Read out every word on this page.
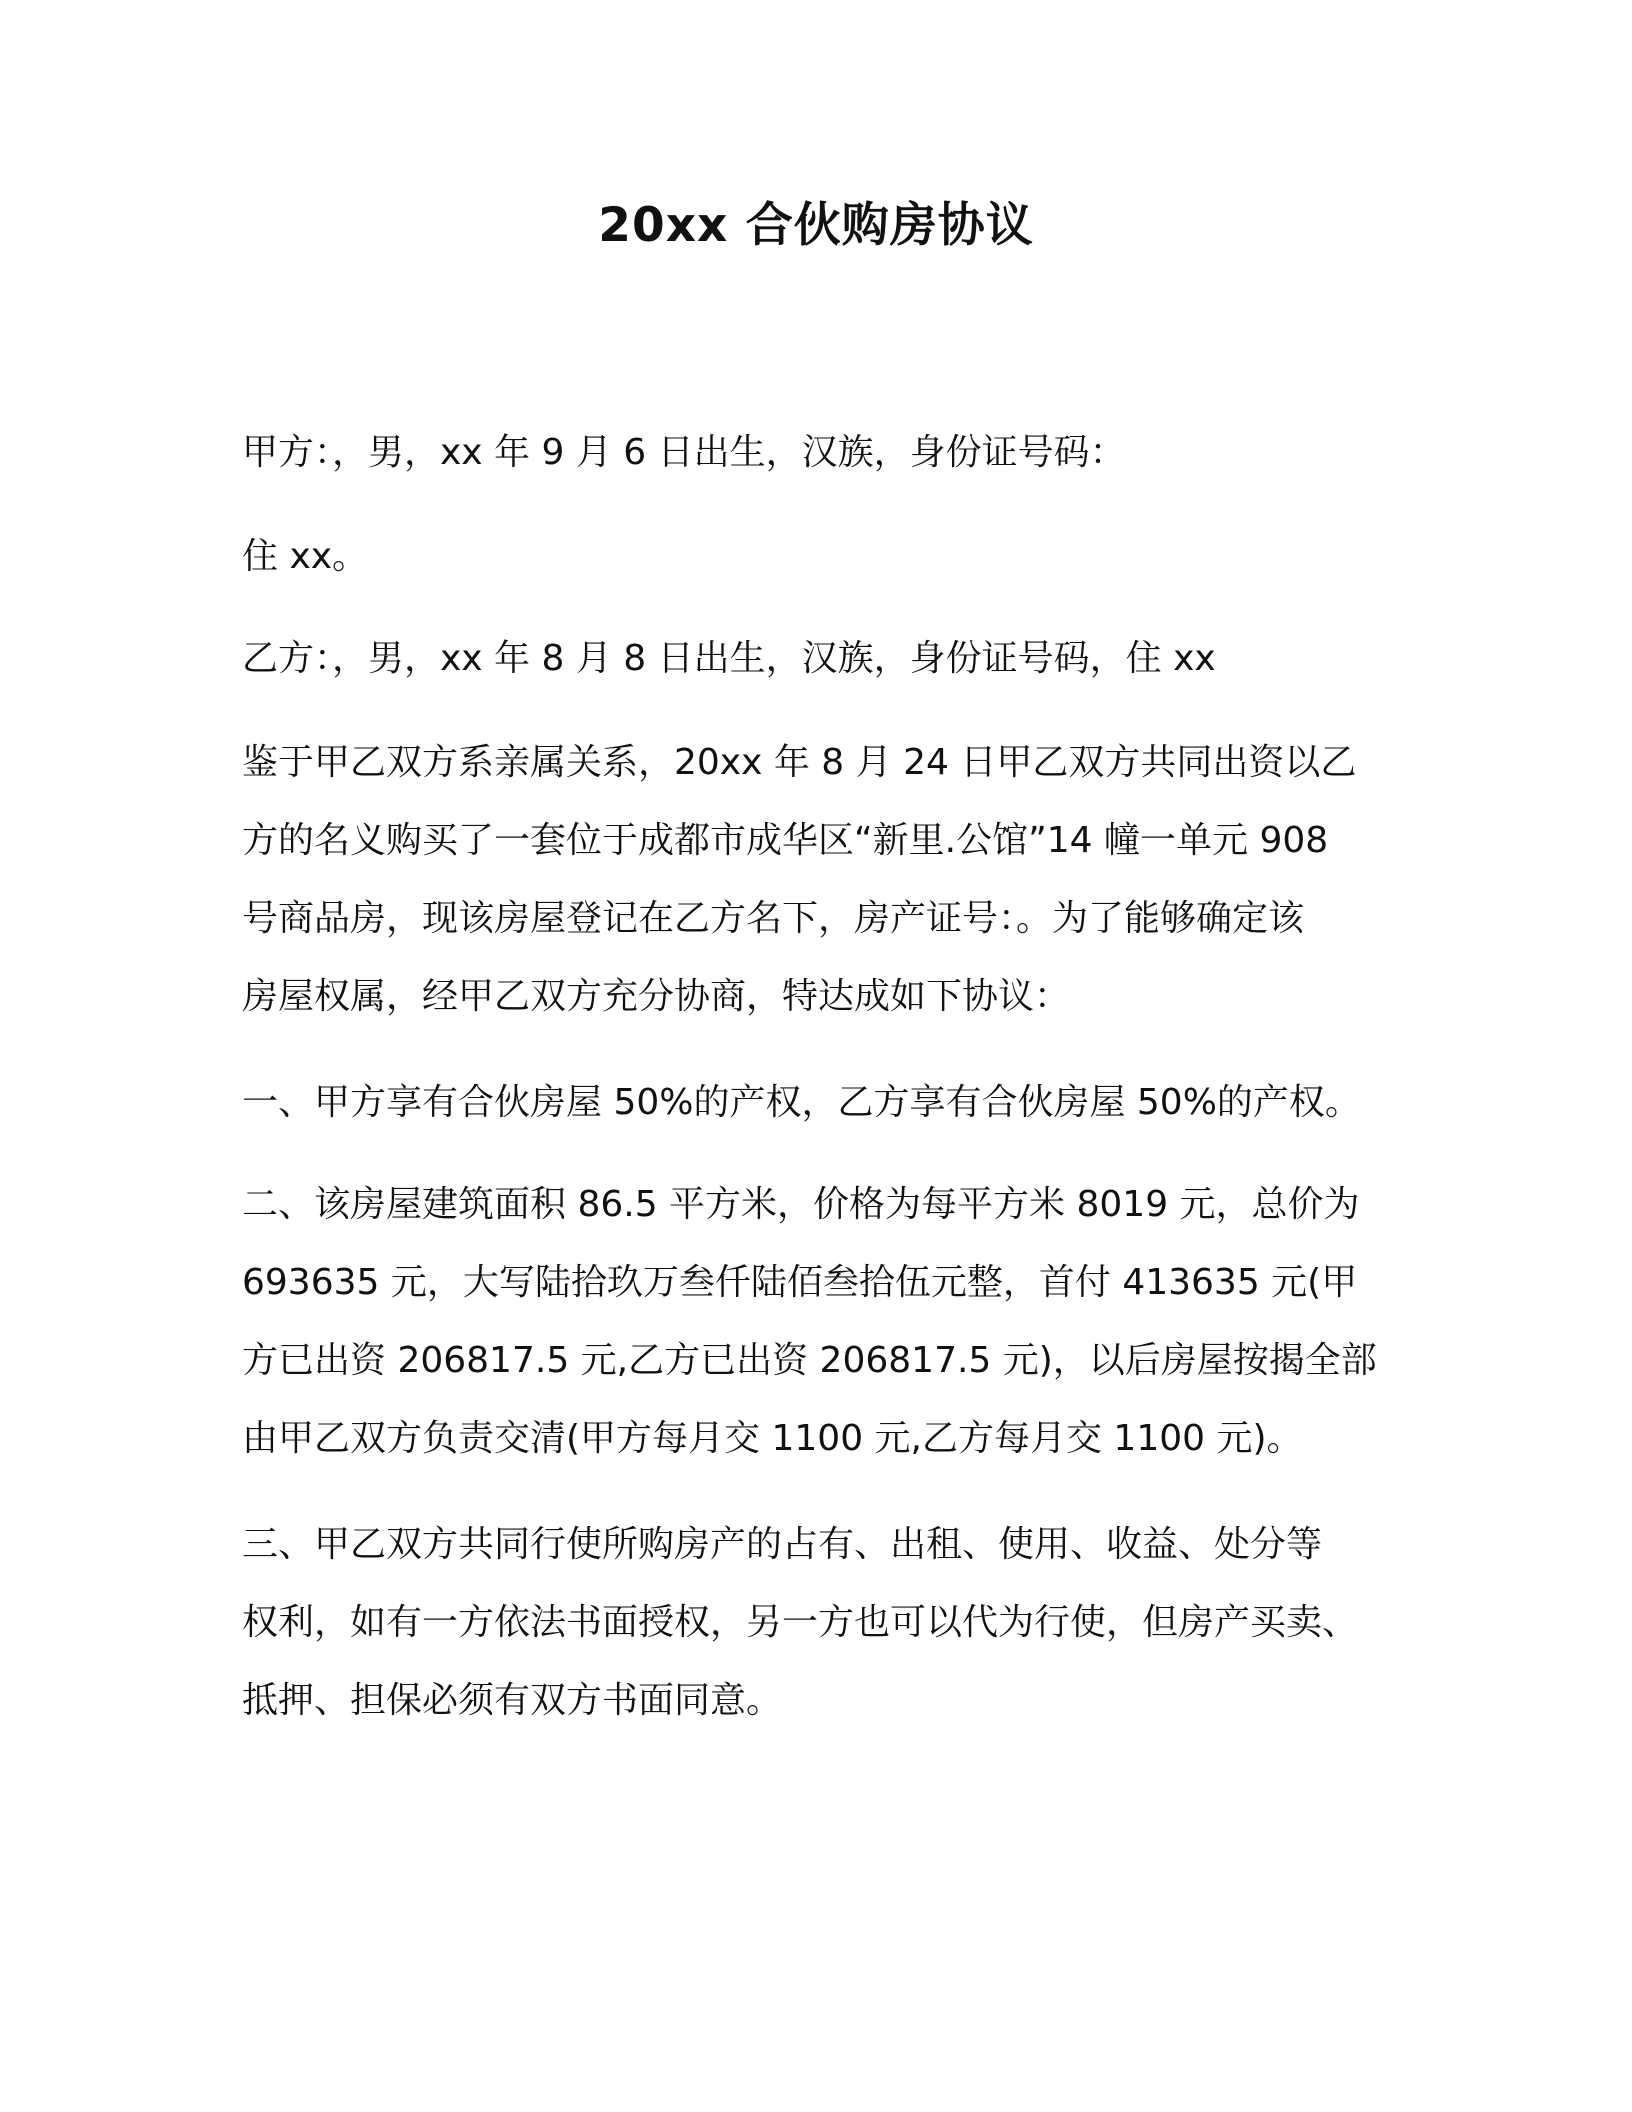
20xx 合伙购房协议

甲方：，男，xx 年 9 月 6 日出生，汉族，身份证号码：

住 xx。

乙方：，男，xx 年 8 月 8 日出生，汉族，身份证号码，住 xx

鉴于甲乙双方系亲属关系，20xx 年 8 月 24 日甲乙双方共同出资以乙
方的名义购买了一套位于成都市成华区“新里.公馆”14 幢一单元 908
号商品房，现该房屋登记在乙方名下，房产证号：。为了能够确定该
房屋权属，经甲乙双方充分协商，特达成如下协议：

一、甲方享有合伙房屋 50%的产权，乙方享有合伙房屋 50%的产权。

二、该房屋建筑面积 86.5 平方米，价格为每平方米 8019 元，总价为
693635 元，大写陆拾玖万叁仟陆佰叁拾伍元整，首付 413635 元(甲
方已出资 206817.5 元,乙方已出资 206817.5 元)，以后房屋按揭全部
由甲乙双方负责交清(甲方每月交 1100 元,乙方每月交 1100 元)。

三、甲乙双方共同行使所购房产的占有、出租、使用、收益、处分等
权利，如有一方依法书面授权，另一方也可以代为行使，但房产买卖、
抵押、担保必须有双方书面同意。
